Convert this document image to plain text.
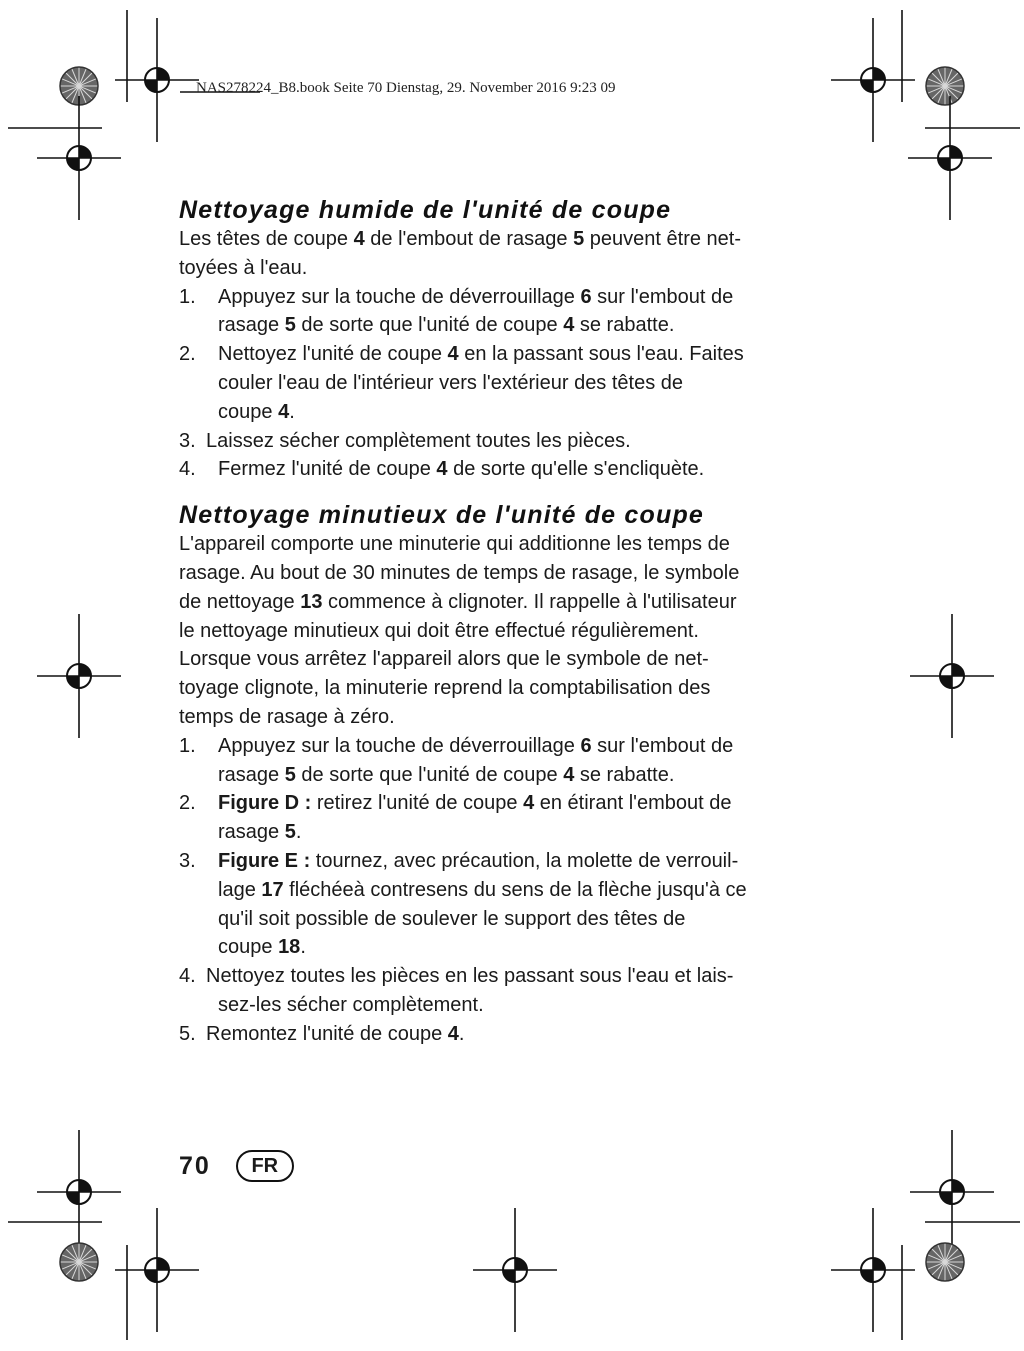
NAS278224_B8.book Seite 70 Dienstag, 29. November 2016 9:23 09
Nettoyage humide de l'unité de coupe

Les têtes de coupe 4 de l'embout de rasage 5 peuvent être net-
toyées à l'eau.

1. Appuyez sur la touche de déverrouillage 6 sur l'embout de
rasage 5 de sorte que l'unité de coupe 4 se rabatte.
2. Nettoyez l'unité de coupe 4 en la passant sous l'eau. Faites
couler l'eau de l'intérieur vers l'extérieur des têtes de
coupe 4.
3. Laissez sécher complètement toutes les pièces.
4. Fermez l'unité de coupe 4 de sorte qu'elle s'encliquète.
Nettoyage minutieux de l'unité de coupe

L'appareil comporte une minuterie qui additionne les temps de
rasage. Au bout de 30 minutes de temps de rasage, le symbole
de nettoyage 13 commence à clignoter. Il rappelle à l'utilisateur
le nettoyage minutieux qui doit être effectué régulièrement.
Lorsque vous arrêtez l'appareil alors que le symbole de net-
toyage clignote, la minuterie reprend la comptabilisation des
temps de rasage à zéro.

1. Appuyez sur la touche de déverrouillage 6 sur l'embout de
rasage 5 de sorte que l'unité de coupe 4 se rabatte.
2. Figure D : retirez l'unité de coupe 4 en étirant l'embout de
rasage 5.
3. Figure E : tournez, avec précaution, la molette de verrouil-
lage 17 fléchéeà contresens du sens de la flèche jusqu'à ce
qu'il soit possible de soulever le support des têtes de
coupe 18.
4. Nettoyez toutes les pièces en les passant sous l'eau et lais-
sez-les sécher complètement.
5. Remontez l'unité de coupe 4.
70	FR
